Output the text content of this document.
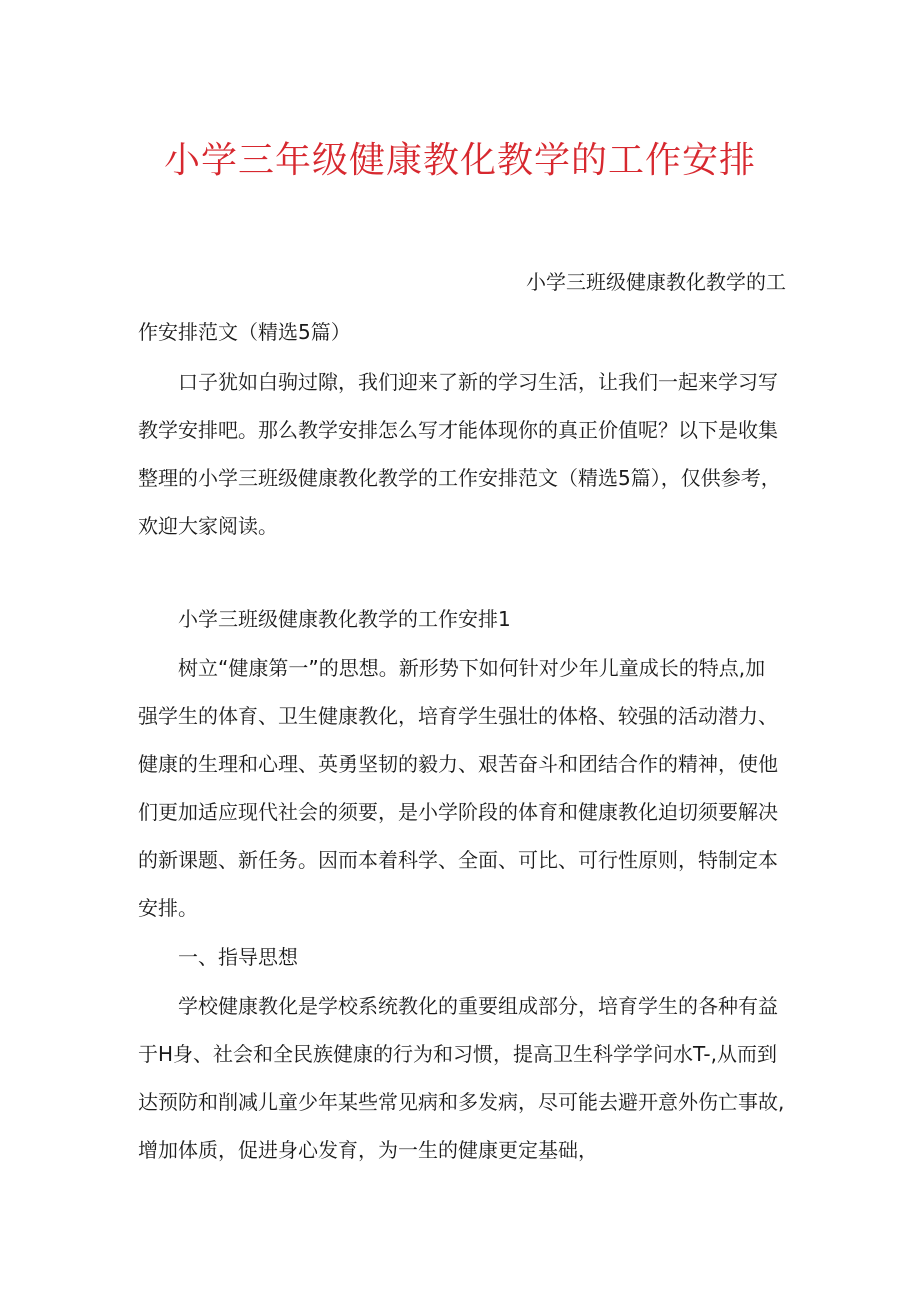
小学三年级健康教化教学的工作安排
小学三班级健康教化教学的工
作安排范文（精选5篇）
口子犹如白驹过隙，我们迎来了新的学习生活，让我们一起来学习写
教学安排吧。那么教学安排怎么写才能体现你的真正价值呢？以下是收集
整理的小学三班级健康教化教学的工作安排范文（精选5篇），仅供参考，
欢迎大家阅读。
小学三班级健康教化教学的工作安排1
树立“健康第一”的思想。新形势下如何针对少年儿童成长的特点,加
强学生的体育、卫生健康教化，培育学生强壮的体格、较强的活动潜力、
健康的生理和心理、英勇坚韧的毅力、艰苦奋斗和团结合作的精神，使他
们更加适应现代社会的须要，是小学阶段的体育和健康教化迫切须要解决
的新课题、新任务。因而本着科学、全面、可比、可行性原则，特制定本
安排。
一、指导思想
学校健康教化是学校系统教化的重要组成部分，培育学生的各种有益
于H身、社会和全民族健康的行为和习惯，提高卫生科学学问水T-,从而到
达预防和削减儿童少年某些常见病和多发病，尽可能去避开意外伤亡事故,
增加体质，促进身心发育，为一生的健康更定基础，
